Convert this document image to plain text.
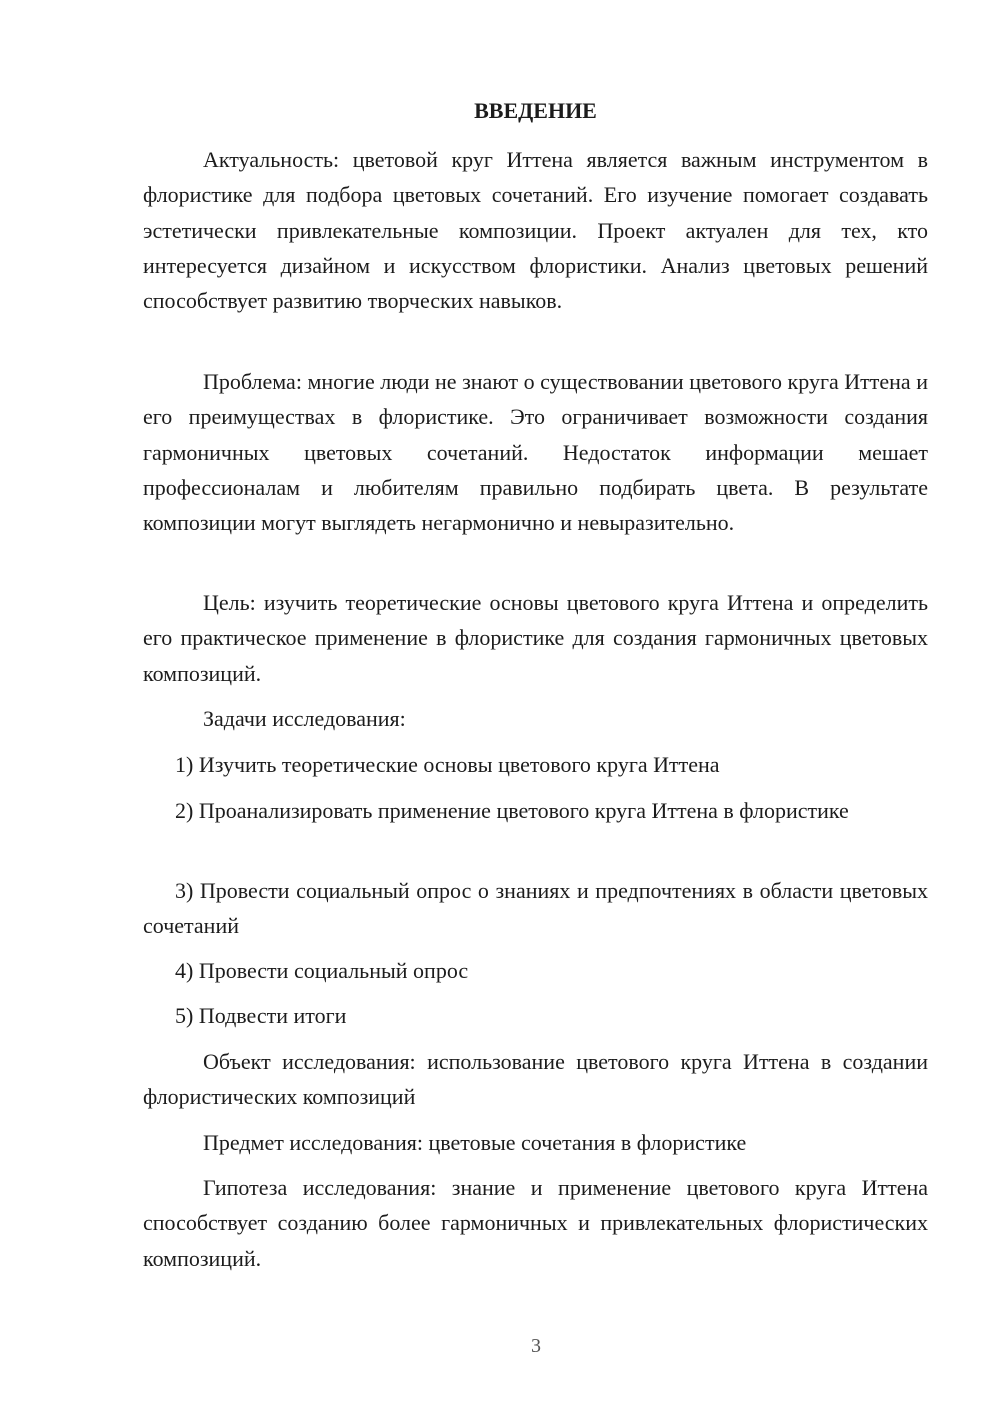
ВВЕДЕНИЕ

Актуальность: цветовой круг Иттена является важным инструментом в флористике для подбора цветовых сочетаний. Его изучение помогает создавать эстетически привлекательные композиции. Проект актуален для тех, кто интересуется дизайном и искусством флористики. Анализ цветовых решений способствует развитию творческих навыков.

Проблема: многие люди не знают о существовании цветового круга Иттена и его преимуществах в флористике. Это ограничивает возможности создания гармоничных цветовых сочетаний. Недостаток информации мешает профессионалам и любителям правильно подбирать цвета. В результате композиции могут выглядеть негармонично и невыразительно.

Цель: изучить теоретические основы цветового круга Иттена и определить его практическое применение в флористике для создания гармоничных цветовых композиций.

Задачи исследования:

1) Изучить теоретические основы цветового круга Иттена

2) Проанализировать применение цветового круга Иттена в флористике

3) Провести социальный опрос о знаниях и предпочтениях в области цветовых сочетаний

4) Провести социальный опрос

5) Подвести итоги

Объект исследования: использование цветового круга Иттена в создании флористических композиций

Предмет исследования: цветовые сочетания в флористике

Гипотеза исследования: знание и применение цветового круга Иттена способствует созданию более гармоничных и привлекательных флористических композиций.

3
